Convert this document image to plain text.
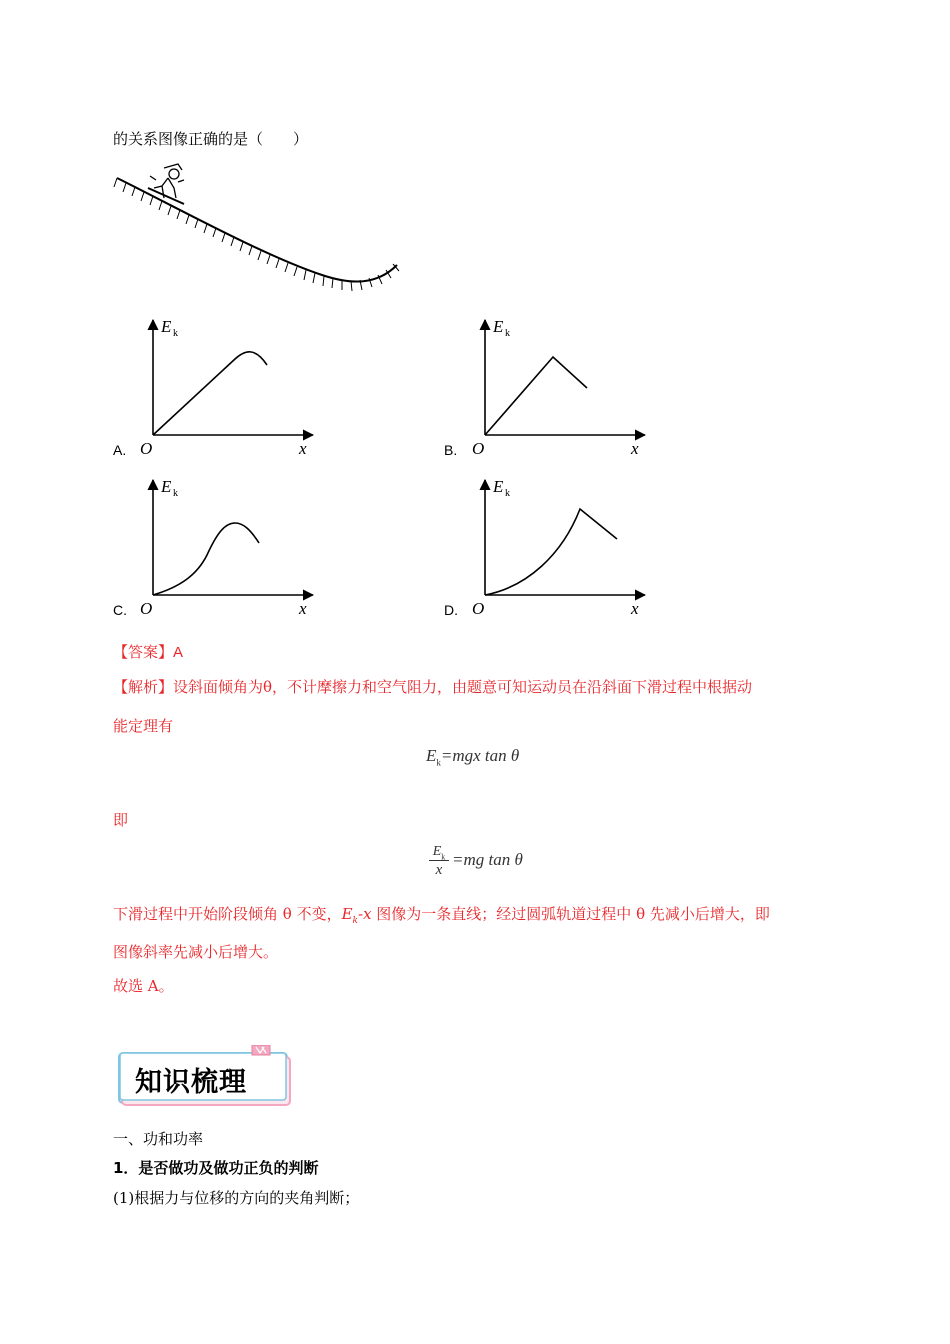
的关系图像正确的是（　　）
A.
E k
O	x	B.
E k
O	x
C.
E k
O	x	D.
E k
O	x
【答案】A
【解析】设斜面倾角为θ，不计摩擦力和空气阻力，由题意可知运动员在沿斜面下滑过程中根据动
能定理有
$E_k=mgx$ tan θ
即
$E_k$
x
=mg tan θ
下滑过程中开始阶段倾角 θ 不变，$E_k-x$ 图像为一条直线；经过圆弧轨道过程中 θ 先减小后增大，即
图像斜率先减小后增大。
故选 A。
知识梳理
一、功和功率
1．是否做功及做功正负的判断
(1)根据力与位移的方向的夹角判断；
